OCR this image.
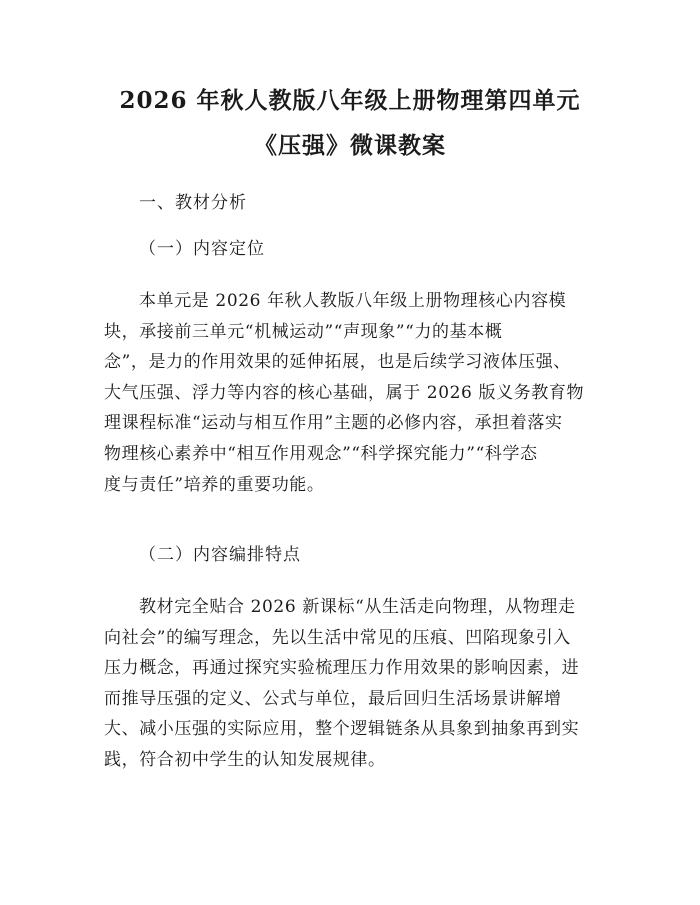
2026 年秋人教版八年级上册物理第四单元
《压强》微课教案
一、教材分析
（一）内容定位
本单元是 2026 年秋人教版八年级上册物理核心内容模
块，承接前三单元“机械运动”“声现象”“力的基本概
念”，是力的作用效果的延伸拓展，也是后续学习液体压强、
大气压强、浮力等内容的核心基础，属于 2026 版义务教育物
理课程标准“运动与相互作用”主题的必修内容，承担着落实
物理核心素养中“相互作用观念”“科学探究能力”“科学态
度与责任”培养的重要功能。
（二）内容编排特点
教材完全贴合 2026 新课标“从生活走向物理，从物理走
向社会”的编写理念，先以生活中常见的压痕、凹陷现象引入
压力概念，再通过探究实验梳理压力作用效果的影响因素，进
而推导压强的定义、公式与单位，最后回归生活场景讲解增
大、减小压强的实际应用，整个逻辑链条从具象到抽象再到实
践，符合初中学生的认知发展规律。
